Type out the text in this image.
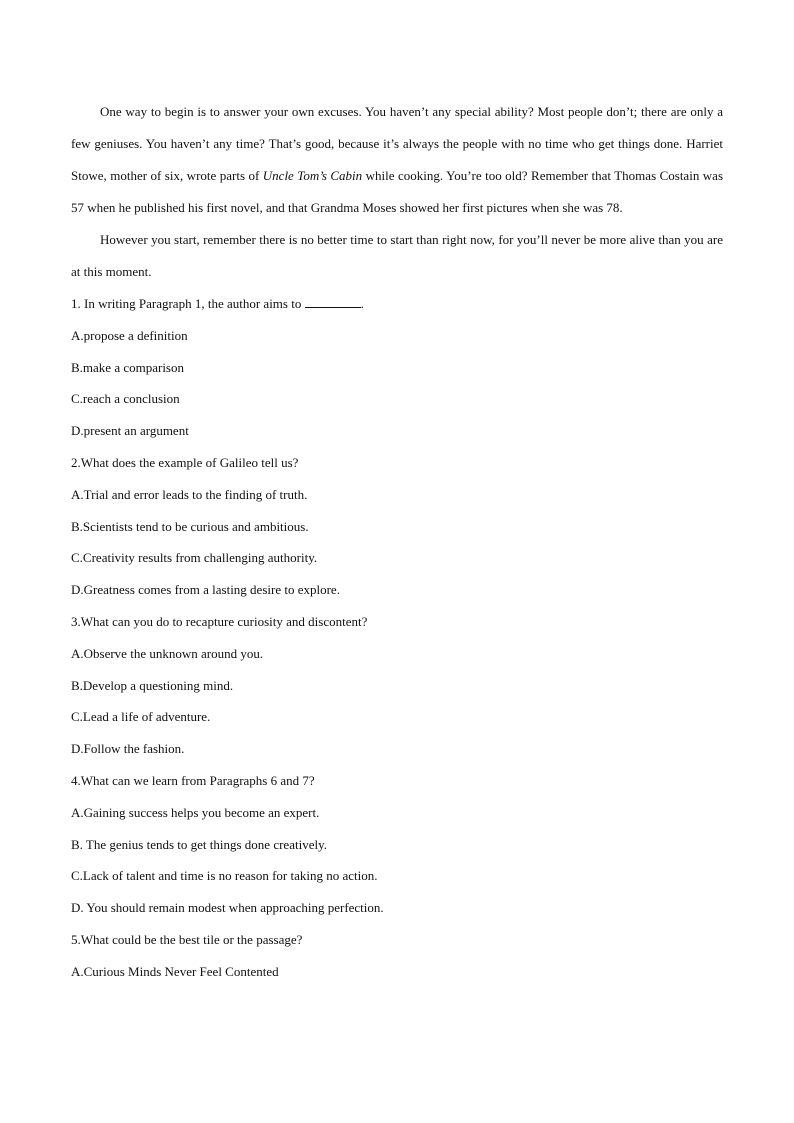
One way to begin is to answer your own excuses. You haven’t any special ability? Most people don’t; there are only a few geniuses. You haven’t any time? That’s good, because it’s always the people with no time who get things done. Harriet Stowe, mother of six, wrote parts of Uncle Tom’s Cabin while cooking. You’re too old? Remember that Thomas Costain was 57 when he published his first novel, and that Grandma Moses showed her first pictures when she was 78.

However you start, remember there is no better time to start than right now, for you’ll never be more alive than you are at this moment.

1. In writing Paragraph 1, the author aims to	.

A.propose a definition

B.make a comparison

C.reach a conclusion

D.present an argument

2.What does the example of Galileo tell us?

A.Trial and error leads to the finding of truth.

B.Scientists tend to be curious and ambitious.

C.Creativity results from challenging authority.

D.Greatness comes from a lasting desire to explore.

3.What can you do to recapture curiosity and discontent?

A.Observe the unknown around you.

B.Develop a questioning mind.

C.Lead a life of adventure.

D.Follow the fashion.

4.What can we learn from Paragraphs 6 and 7?

A.Gaining success helps you become an expert.

B. The genius tends to get things done creatively.

C.Lack of talent and time is no reason for taking no action.

D. You should remain modest when approaching perfection.

5.What could be the best tile or the passage?

A.Curious Minds Never Feel Contented
